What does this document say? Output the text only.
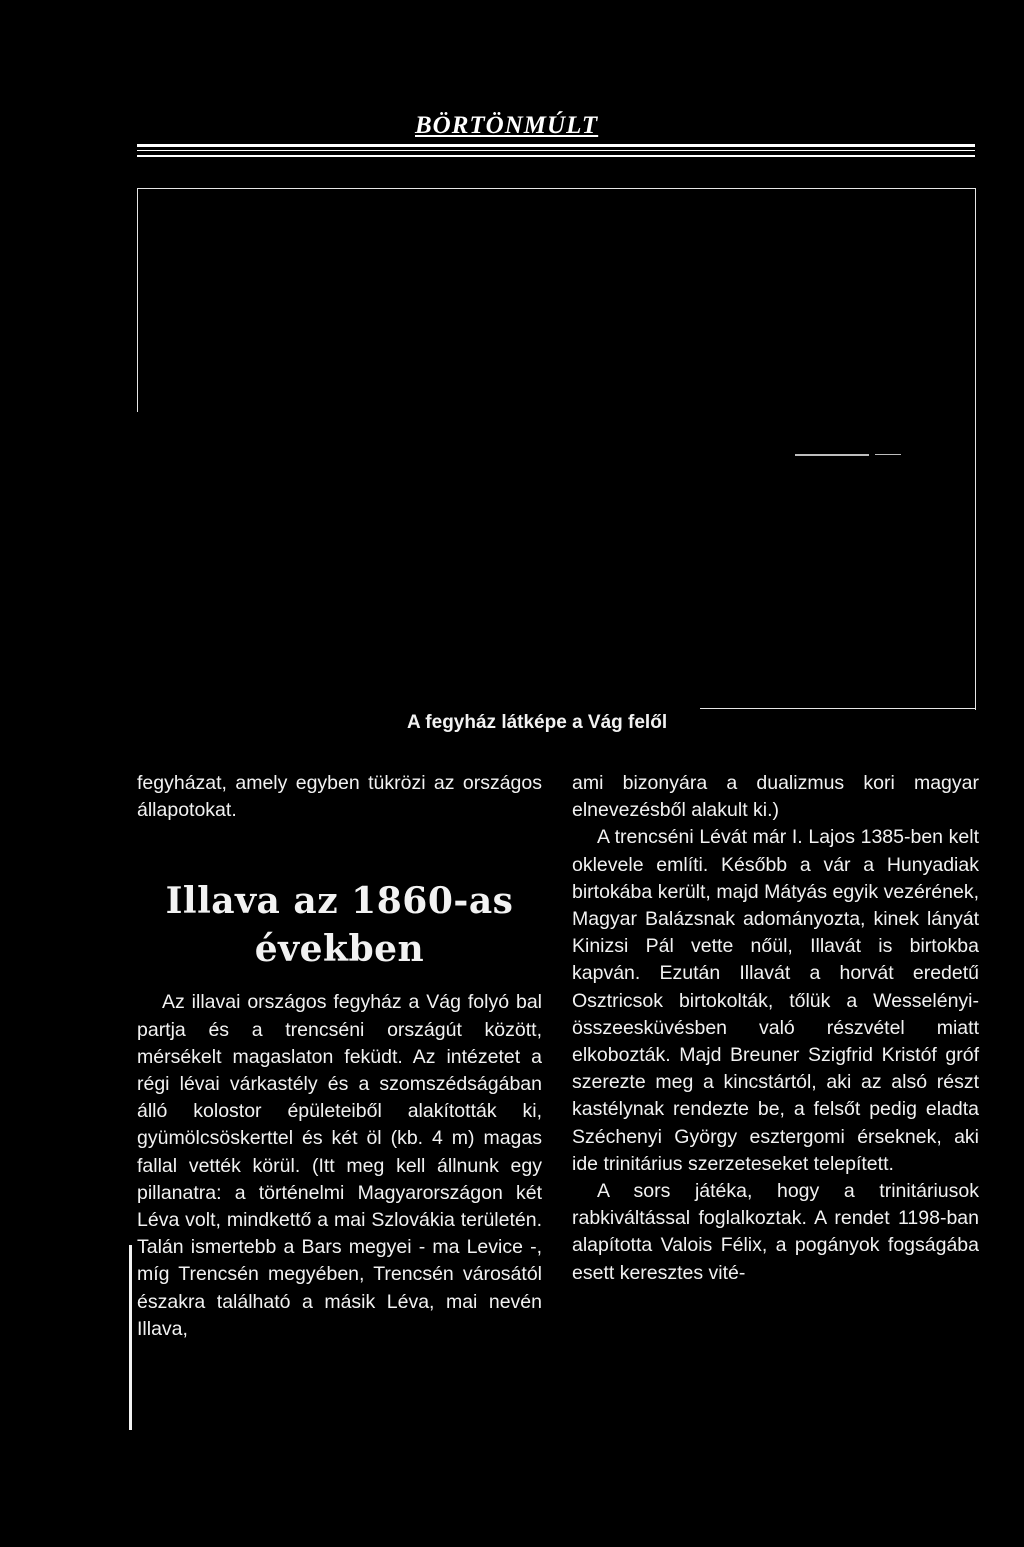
BÖRTÖNMÚLT
A fegyház látképe a Vág felől

fegyházat, amely egyben tükrözi az országos állapotokat.

Illava az 1860-as években

Az illavai országos fegyház a Vág folyó bal partja és a trencséni országút között, mérsékelt magaslaton feküdt. Az intézetet a régi lévai várkastély és a szomszédságában álló kolostor épületeiből alakították ki, gyümölcsöskerttel és két öl (kb. 4 m) magas fallal vették körül. (Itt meg kell állnunk egy pillanatra: a történelmi Magyarországon két Léva volt, mindkettő a mai Szlovákia területén. Talán ismertebb a Bars megyei - ma Levice -, míg Trencsén megyében, Trencsén városától északra található a másik Léva, mai nevén Illava,

ami bizonyára a dualizmus kori magyar elnevezésből alakult ki.)

A trencséni Lévát már I. Lajos 1385-ben kelt oklevele említi. Később a vár a Hunyadiak birtokába került, majd Mátyás egyik vezérének, Magyar Balázsnak adományozta, kinek lányát Kinizsi Pál vette nőül, Illavát is birtokba kapván. Ezután Illavát a horvát eredetű Osztricsok birtokolták, tőlük a Wesselényi-összeesküvésben való részvétel miatt elkobozták. Majd Breuner Szigfrid Kristóf gróf szerezte meg a kincstártól, aki az alsó részt kastélynak rendezte be, a felsőt pedig eladta Széchenyi György esztergomi érseknek, aki ide trinitárius szerzeteseket telepített.

A sors játéka, hogy a trinitáriusok rabkiváltással foglalkoztak. A rendet 1198-ban alapította Valois Félix, a pogányok fogságába esett keresztes vité-
